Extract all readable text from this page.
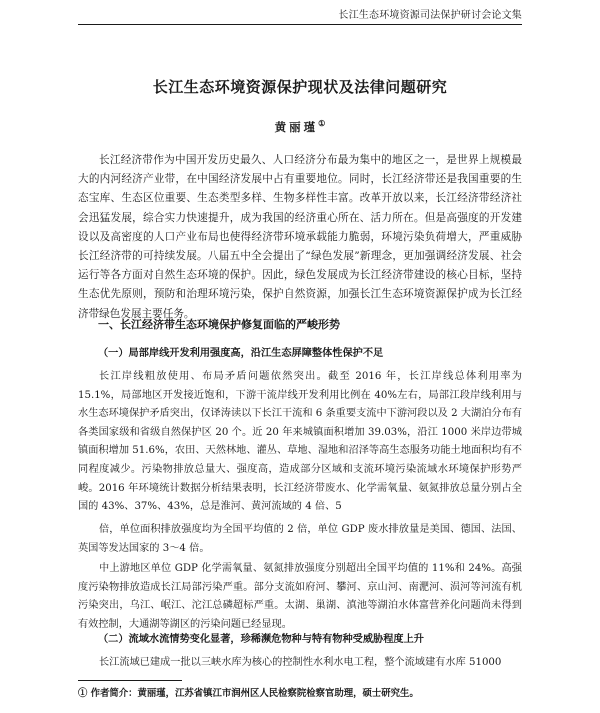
长江生态环境资源司法保护研讨会论文集
长江生态环境资源保护现状及法律问题研究
黄丽瑾①
长江经济带作为中国开发历史最久、人口经济分布最为集中的地区之一，是世界上规模最大的内河经济产业带，在中国经济发展中占有重要地位。同时，长江经济带还是我国重要的生态宝库、生态区位重要、生态类型多样、生物多样性丰富。改革开放以来，长江经济带经济社会迅猛发展，综合实力快速提升，成为我国的经济重心所在、活力所在。但是高强度的开发建设以及高密度的人口产业布局也使得经济带环境承载能力脆弱，环境污染负荷增大，严重威胁长江经济带的可持续发展。八届五中全会提出了“绿色发展”新理念，更加强调经济发展、社会运行等各方面对自然生态环境的保护。因此，绿色发展成为长江经济带建设的核心目标，坚持生态优先原则，预防和治理环境污染，保护自然资源，加强长江生态环境资源保护成为长江经济带绿色发展主要任务。
一、长江经济带生态环境保护修复面临的严峻形势
（一）局部岸线开发利用强度高，沿江生态屏障整体性保护不足
长江岸线粗放使用、布局矛盾问题依然突出。截至 2016 年，长江岸线总体利用率为 15.1%，局部地区开发接近饱和，下游干流岸线开发利用比例在 40%左右，局部江段岸线利用与水生态环境保护矛盾突出，仅译涛读以下长江干流和 6 条重要支流中下游河段以及 2 大湖泊分布有各类国家级和省级自然保护区 20 个。近 20 年来城镇面积增加 39.03%，沿江 1000 米岸边带城镇面积增加 51.6%，农田、天然林地、灌丛、草地、湿地和沼泽等高生态服务功能土地面积均有不同程度减少。污染物排放总量大、强度高，造成部分区域和支流环境污染流域水环境保护形势严峻。2016 年环境统计数据分析结果表明，长江经济带废水、化学需氧量、氨氮排放总量分别占全国的 43%、37%、43%，总是淮河、黄河流域的 4 倍、5
倍，单位面积排放强度均为全国平均值的 2 倍，单位 GDP 废水排放量是美国、德国、法国、英国等发达国家的 3～4 倍。
中上游地区单位 GDP 化学需氧量、氨氮排放强度分别超出全国平均值的 11%和 24%。高强度污染物排放造成长江局部污染严重。部分支流如府河、攀河、京山河、南淝河、涢河等河流有机污染突出，乌江、岷江、沱江总磷超标严重。太湖、巢湖、滇池等湖泊水体富营养化问题尚未得到有效控制，大通湖等湖区的污染问题已经显现。
（二）流域水流情势变化显著，珍稀濒危物种与特有物种受威胁程度上升
长江流域已建成一批以三峡水库为核心的控制性水利水电工程，整个流域建有水库 51000
① 作者简介：黄丽瑾，江苏省镇江市润州区人民检察院检察官助理，硕士研究生。
